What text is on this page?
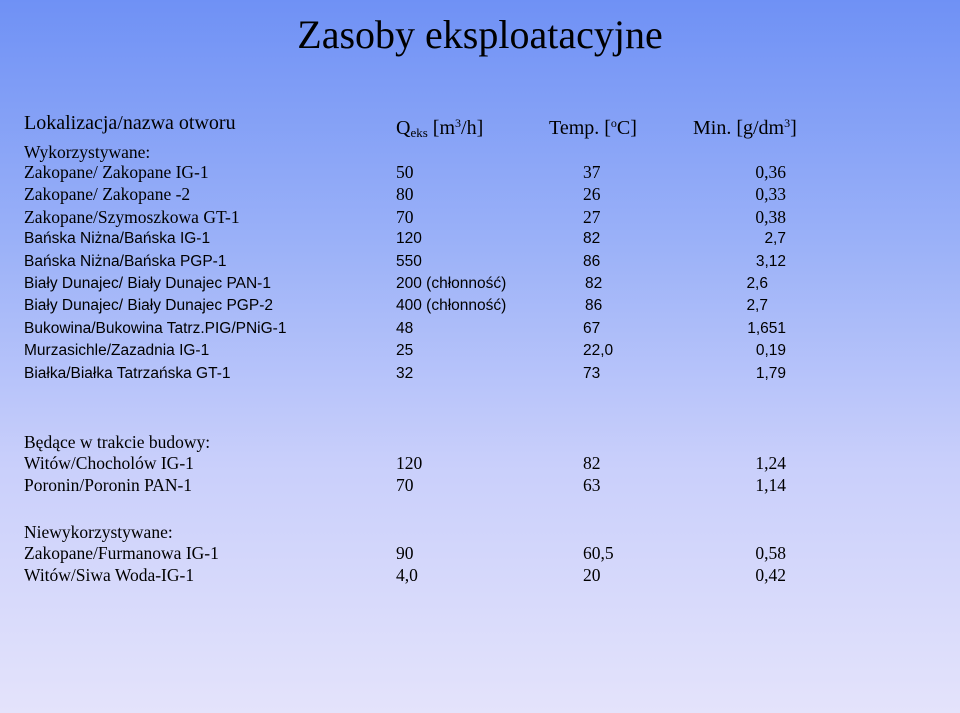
Zasoby eksploatacyjne
Lokalizacja/nazwa otworu	$Q_{eks}$ $[m^3/h]$	Temp. [$^o$C]	Min. $[g/dm^3]$
Wykorzystywane:
Zakopane/ Zakopane IG-1	50	37	0,36
Zakopane/ Zakopane -2	80	26	0,33
Zakopane/Szymoszkowa GT-1	70	27	0,38
Bańska Niżna/Bańska IG-1	120	82	2,7
Bańska Niżna/Bańska PGP-1	550	86	3,12
Biały Dunajec/ Biały Dunajec PAN-1	200 (chłonność)	82	2,6
Biały Dunajec/ Biały Dunajec PGP-2	400 (chłonność)	86	2,7
Bukowina/Bukowina Tatrz.PIG/PNiG-1	48	67	1,651
Murzasichle/Zazadnia IG-1	25	22,0	0,19
Białka/Białka Tatrzańska GT-1	32	73	1,79
Będące w trakcie budowy:
Witów/Chocholów IG-1	120	82	1,24
Poronin/Poronin PAN-1	70	63	1,14
Niewykorzystywane:
Zakopane/Furmanowa IG-1	90	60,5	0,58
Witów/Siwa Woda-IG-1	4,0	20	0,42
